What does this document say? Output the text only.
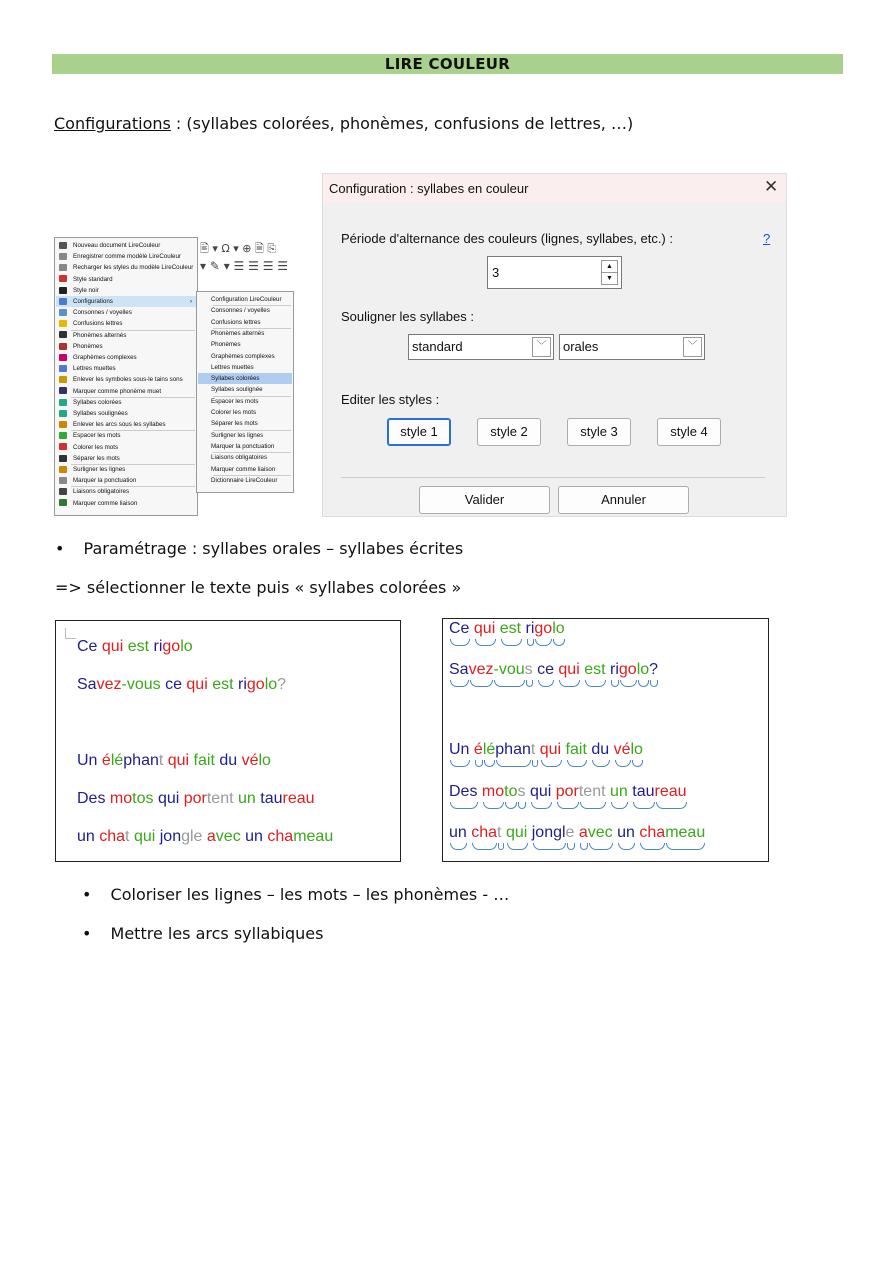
LIRE COULEUR
Configurations : (syllabes colorées, phonèmes, confusions de lettres, …)
🖹 ▾ Ω ▾ ⊕ 🗎 ⎘
▾ ✎ ▾ ☰ ☰ ☰ ☰
Nouveau document LireCouleur
Enregistrer comme modèle LireCouleur
Recharger les styles du modèle LireCouleur
Style standard
Style noir
Configurations	›
Consonnes / voyelles
Confusions lettres
Phonèmes alternés
Phonèmes
Graphèmes complexes
Lettres muettes
Enlever les symboles sous-le tains sons
Marquer comme phonème muet
Syllabes colorées
Syllabes soulignées
Enlever les arcs sous les syllabes
Espacer les mots
Colorer les mots
Séparer les mots
Surligner les lignes
Marquer la ponctuation
Liaisons obligatoires
Marquer comme liaison
Configuration LireCouleur
Consonnes / voyelles
Confusions lettres
Phonèmes alternés
Phonèmes
Graphèmes complexes
Lettres muettes
Syllabes colorées
Syllabes soulignée
Espacer les mots
Colorer les mots
Séparer les mots
Surligner les lignes
Marquer la ponctuation
Liaisons obligatoires
Marquer comme liaison
Dictionnaire LireCouleur
Configuration : syllabes en couleur	✕
Période d'alternance des couleurs (lignes, syllabes, etc.) :	?
3	▲
▼
Souligner les syllabes :
standard	﹀	orales	﹀
Editer les styles :
style 1	style 2	style 3	style 4
Valider	Annuler
• Paramétrage : syllabes orales – syllabes écrites
=> sélectionner le texte puis « syllabes colorées »
Ce qui est rigolo
Savez-vous ce qui est rigolo?
Un éléphant qui fait du vélo
Des motos qui portent un taureau
un chat qui jongle avec un chameau
Ce qui est rigolo
Savez-vous ce qui est rigolo?
Un éléphant qui fait du vélo
Des motos qui portent un taureau
un chat qui jongle avec un chameau
• Coloriser les lignes – les mots – les phonèmes - …
• Mettre les arcs syllabiques
